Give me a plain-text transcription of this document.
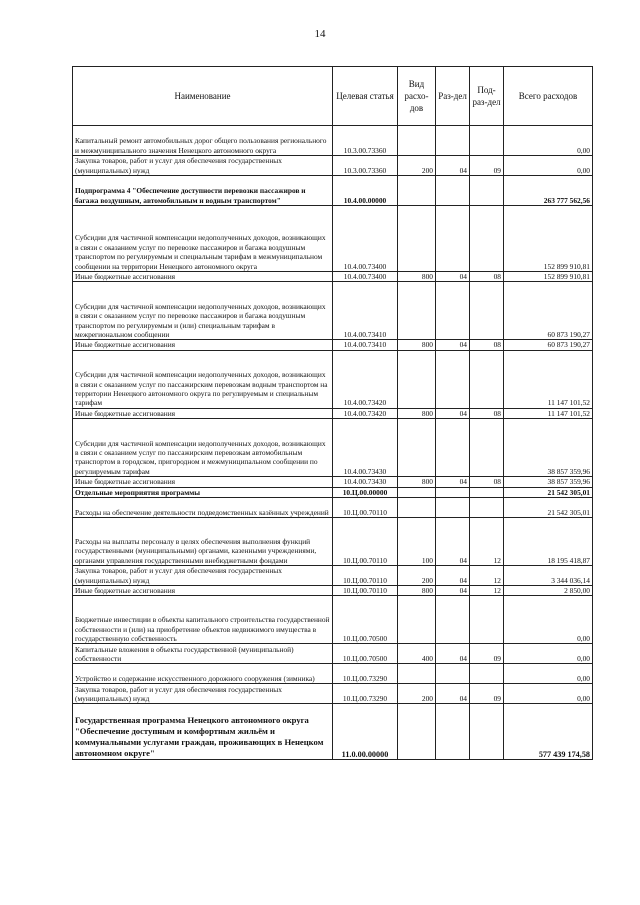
14
Наименование	Целевая статья	Вид расхо-дов	Раз-дел	Под-раз-дел	Всего расходов
Капитальный ремонт автомобильных дорог общего пользования регионального и межмуниципального значения Ненецкого автономного округа	10.3.00.73360				0,00
Закупка товаров, работ и услуг для обеспечения государственных (муниципальных) нужд	10.3.00.73360	200	04	09	0,00
Подпрограмма 4 "Обеспечение доступности перевозки пассажиров и багажа воздушным, автомобильным и водным транспортом"	10.4.00.00000				263 777 562,56
Субсидии для частичной компенсации недополученных доходов, возникающих в связи с оказанием услуг по перевозке пассажиров и багажа воздушным транспортом по регулируемым и специальным тарифам в межмуниципальном сообщении на территории Ненецкого автономного округа	10.4.00.73400				152 899 910,81
Иные бюджетные ассигнования	10.4.00.73400	800	04	08	152 899 910,81
Субсидии для частичной компенсации недополученных доходов, возникающих в связи с оказанием услуг по перевозке пассажиров и багажа воздушным транспортом по регулируемым и (или) специальным тарифам в межрегиональном сообщении	10.4.00.73410				60 873 190,27
Иные бюджетные ассигнования	10.4.00.73410	800	04	08	60 873 190,27
Субсидии для частичной компенсации недополученных доходов, возникающих в связи с оказанием услуг по пассажирским перевозкам водным транспортом на территории Ненецкого автономного округа по регулируемым и специальным тарифам	10.4.00.73420				11 147 101,52
Иные бюджетные ассигнования	10.4.00.73420	800	04	08	11 147 101,52
Субсидии для частичной компенсации недополученных доходов, возникающих в связи с оказанием услуг по пассажирским перевозкам автомобильным транспортом в городском, пригородном и межмуниципальном сообщении по регулируемым тарифам	10.4.00.73430				38 857 359,96
Иные бюджетные ассигнования	10.4.00.73430	800	04	08	38 857 359,96
Отдельные мероприятия программы	10.Ц.00.00000				21 542 305,01
Расходы на обеспечение деятельности подведомственных казённых учреждений	10.Ц.00.70110				21 542 305,01
Расходы на выплаты персоналу в целях обеспечения выполнения функций государственными (муниципальными) органами, казенными учреждениями, органами управления государственными внебюджетными фондами	10.Ц.00.70110	100	04	12	18 195 418,87
Закупка товаров, работ и услуг для обеспечения государственных (муниципальных) нужд	10.Ц.00.70110	200	04	12	3 344 036,14
Иные бюджетные ассигнования	10.Ц.00.70110	800	04	12	2 850,00
Бюджетные инвестиции в объекты капитального строительства государственной собственности и (или) на приобретение объектов недвижимого имущества в государственную собственность	10.Ц.00.70500				0,00
Капитальные вложения в объекты государственной (муниципальной) собственности	10.Ц.00.70500	400	04	09	0,00
Устройство и содержание искусственного дорожного сооружения (зимника)	10.Ц.00.73290				0,00
Закупка товаров, работ и услуг для обеспечения государственных (муниципальных) нужд	10.Ц.00.73290	200	04	09	0,00
Государственная программа Ненецкого автономного округа "Обеспечение доступным и комфортным жильём и коммунальными услугами граждан, проживающих в Ненецком автономном округе"	11.0.00.00000				577 439 174,58
